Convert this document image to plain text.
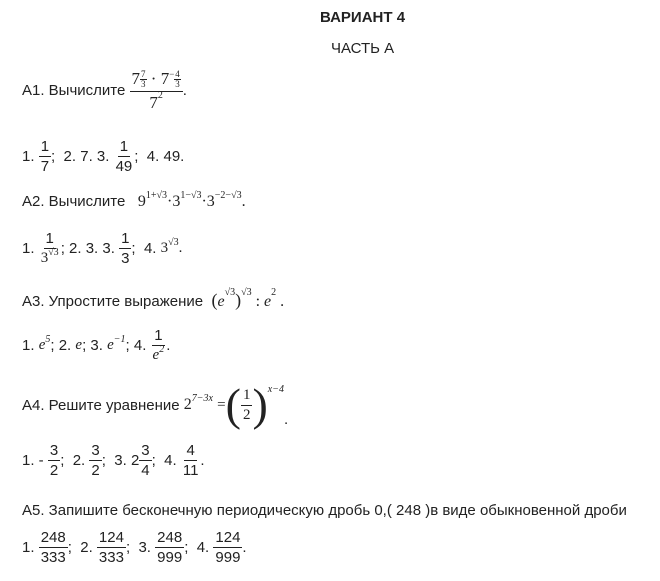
ВАРИАНТ 4
ЧАСТЬ А
А1. Вычислите
$\frac{7 \frac{7}{3} \cdot 7^- \frac{4}{3}}{7^2}$ .
1.
$\frac{1}{7}$ ;
2. 7.
3.
$\frac{1}{49}$ ;
4. 49.
А2. Вычислите $9^{1+√3}\cdot 3^{1-√3}\cdot 3^{-2-√3}$.
1.
$\frac{1}{3^{√3}}$ ;
2. 3.
3.
$\frac{1}{3}$ ;
4.
$3^{√3}$.
А3. Упростите выражение $(e^{√3})^{√3}$ : $e^2$ .
1.
$e^5$ ;
2.
e ;
3.
$e^{-1}$ ;
4.
$\frac{1}{e^2}$ .
А4. Решите уравнение
$2^{7-3x}$
= ( $\frac{1}{2}$ ) x−4
.
1. -
$\frac{3}{2}$ ;
2.
$\frac{3}{2}$ ;
3.
$2 \frac{3}{4}$ ;
4.
$\frac{4}{11}$ .
А5. Запишите бесконечную периодическую дробь 0,( 248 )в виде обыкновенной дроби
1.
$\frac{248}{333}$ ;
2.
$\frac{124}{333}$ ;
3.
$\frac{248}{999}$ ;
4.
$\frac{124}{999}$ .
